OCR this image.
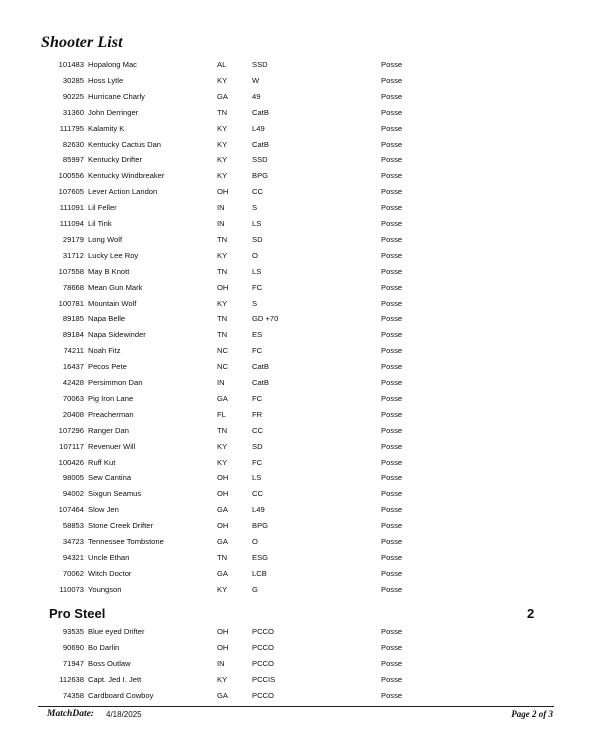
Shooter List
101483 Hopalong Mac	AL	SSD	Posse
30285 Hoss Lytle	KY	W	Posse
90225 Hurricane Charly	GA	49	Posse
31360 John Derringer	TN	CatB	Posse
111795 Kalamity K	KY	L49	Posse
82630 Kentucky Cactus Dan	KY	CatB	Posse
85997 Kentucky Drifter	KY	SSD	Posse
100556 Kentucky Windbreaker	KY	BPG	Posse
107605 Lever Action Landon	OH	CC	Posse
111091 Lil Feller	IN	S	Posse
111094 Lil Tink	IN	LS	Posse
29179 Long Wolf	TN	SD	Posse
31712 Lucky Lee Roy	KY	O	Posse
107558 May B Knott	TN	LS	Posse
78668 Mean Gun Mark	OH	FC	Posse
100781 Mountain Wolf	KY	S	Posse
89185 Napa Belle	TN	GD +70	Posse
89184 Napa Sidewinder	TN	ES	Posse
74211 Noah Fitz	NC	FC	Posse
16437 Pecos Pete	NC	CatB	Posse
42428 Persimmon Dan	IN	CatB	Posse
70063 Pig Iron Lane	GA	FC	Posse
20408 Preacherman	FL	FR	Posse
107296 Ranger Dan	TN	CC	Posse
107117 Revenuer Will	KY	SD	Posse
100426 Ruff Kut	KY	FC	Posse
98005 Sew Cantina	OH	LS	Posse
94002 Sixgun Seamus	OH	CC	Posse
107464 Slow Jen	GA	L49	Posse
58853 Stone Creek Drifter	OH	BPG	Posse
34723 Tennessee Tombstone	GA	O	Posse
94321 Uncle Ethan	TN	ESG	Posse
70062 Witch Doctor	GA	LCB	Posse
110073 Youngson	KY	G	Posse
Pro Steel	2
93535 Blue eyed Drifter	OH	PCCO	Posse
90690 Bo Darlin	OH	PCCO	Posse
71947 Boss Outlaw	IN	PCCO	Posse
112638 Capt. Jed I. Jett	KY	PCCIS	Posse
74358 Cardboard Cowboy	GA	PCCO	Posse
MatchDate: 4/18/2025	Page 2 of 3
